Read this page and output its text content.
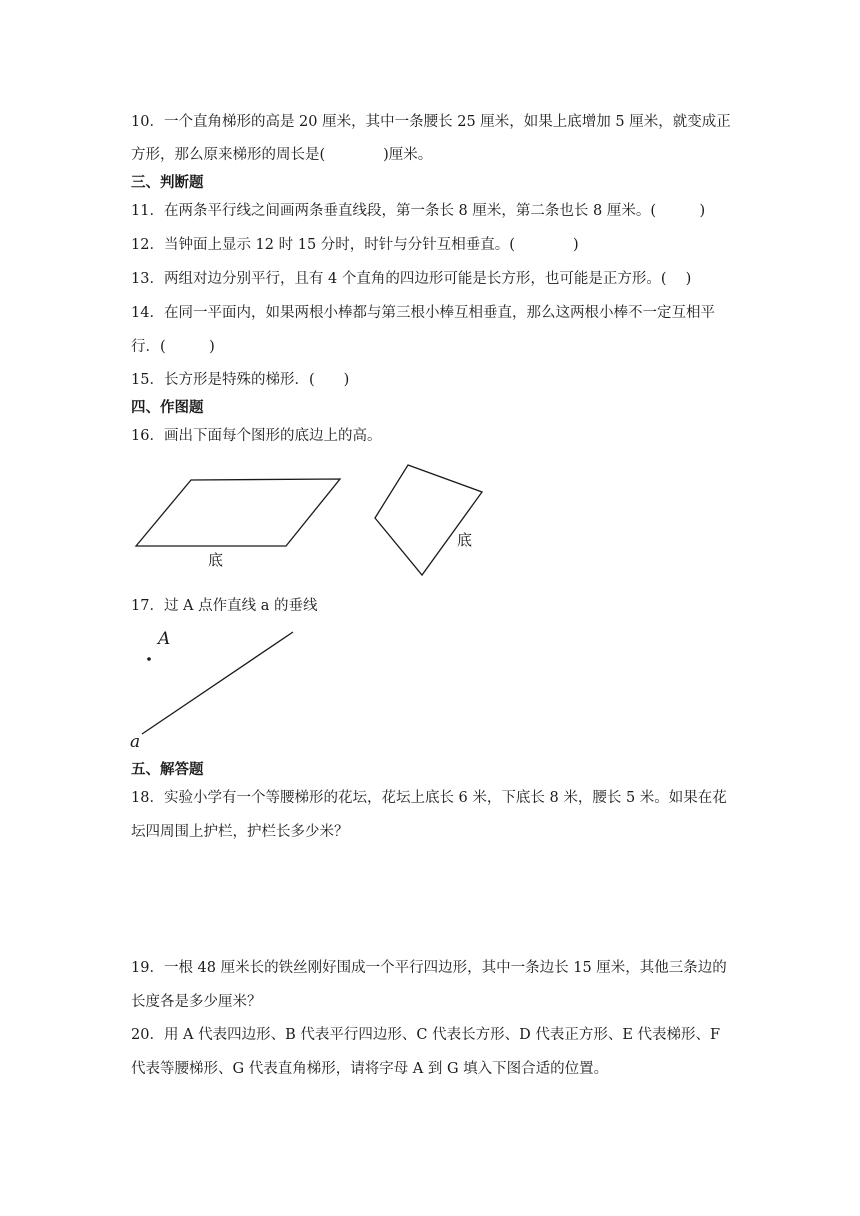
10．一个直角梯形的高是 20 厘米，其中一条腰长 25 厘米，如果上底增加 5 厘米，就变成正
方形，那么原来梯形的周长是(　　　　)厘米。
三、判断题
11．在两条平行线之间画两条垂直线段，第一条长 8 厘米，第二条也长 8 厘米。(　　　)
12．当钟面上显示 12 时 15 分时，时针与分针互相垂直。(　　　　)
13．两组对边分别平行，且有 4 个直角的四边形可能是长方形，也可能是正方形。(　 )
14．在同一平面内，如果两根小棒都与第三根小棒互相垂直，那么这两根小棒不一定互相平
行．(　　　)
15．长方形是特殊的梯形．(　　)
四、作图题
16．画出下面每个图形的底边上的高。
底
底
17．过 A 点作直线 a 的垂线
A
a
五、解答题
18．实验小学有一个等腰梯形的花坛，花坛上底长 6 米，下底长 8 米，腰长 5 米。如果在花
坛四周围上护栏，护栏长多少米？
19．一根 48 厘米长的铁丝刚好围成一个平行四边形，其中一条边长 15 厘米，其他三条边的
长度各是多少厘米？
20．用 A 代表四边形、B 代表平行四边形、C 代表长方形、D 代表正方形、E 代表梯形、F
代表等腰梯形、G 代表直角梯形，请将字母 A 到 G 填入下图合适的位置。
